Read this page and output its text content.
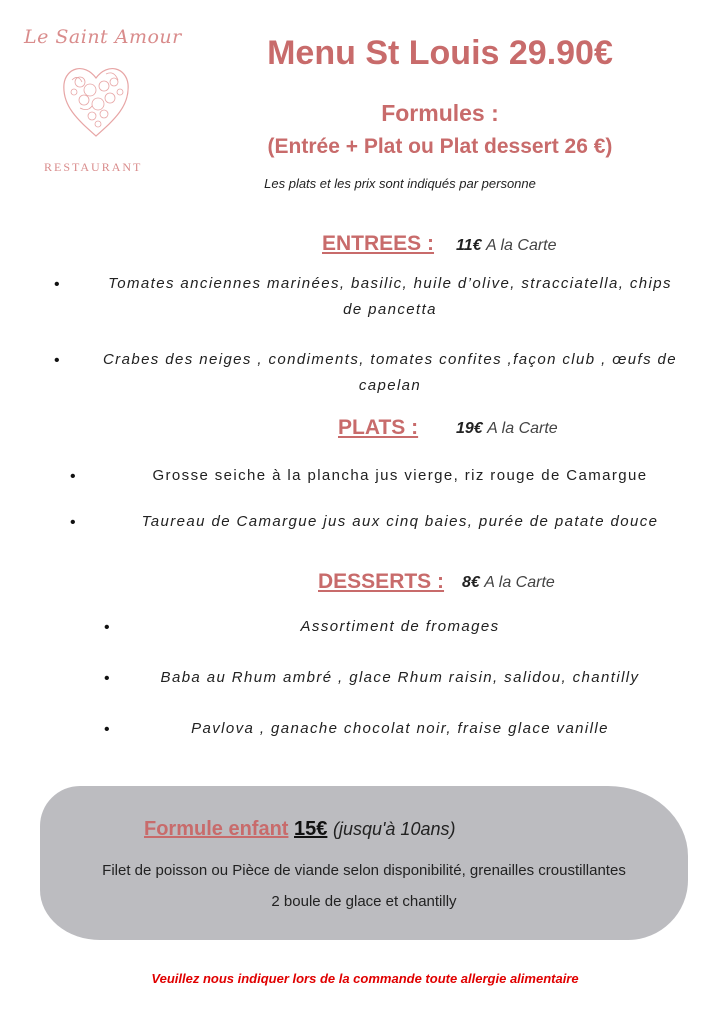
Le Saint Amour
RESTAURANT
Menu St Louis 29.90€
Formules :
(Entrée + Plat ou Plat dessert 26 €)
Les plats et les prix sont indiqués par personne
ENTREES : 11€ A la Carte
•	Tomates anciennes marinées, basilic, huile d’olive, stracciatella, chips
de pancetta
•	Crabes des neiges , condiments, tomates confites ,façon club , œufs de
capelan
PLATS : 19€ A la Carte
•	Grosse seiche à la plancha jus vierge, riz rouge de Camargue
•	Taureau de Camargue jus aux cinq baies, purée de patate douce
DESSERTS : 8€ A la Carte
•	Assortiment de fromages
•	Baba au Rhum ambré , glace Rhum raisin, salidou, chantilly
•	Pavlova , ganache chocolat noir, fraise glace vanille
Formule enfant 15€ (jusqu'à 10ans)
Filet de poisson ou Pièce de viande selon disponibilité, grenailles croustillantes
2 boule de glace et chantilly
Veuillez nous indiquer lors de la commande toute allergie alimentaire
